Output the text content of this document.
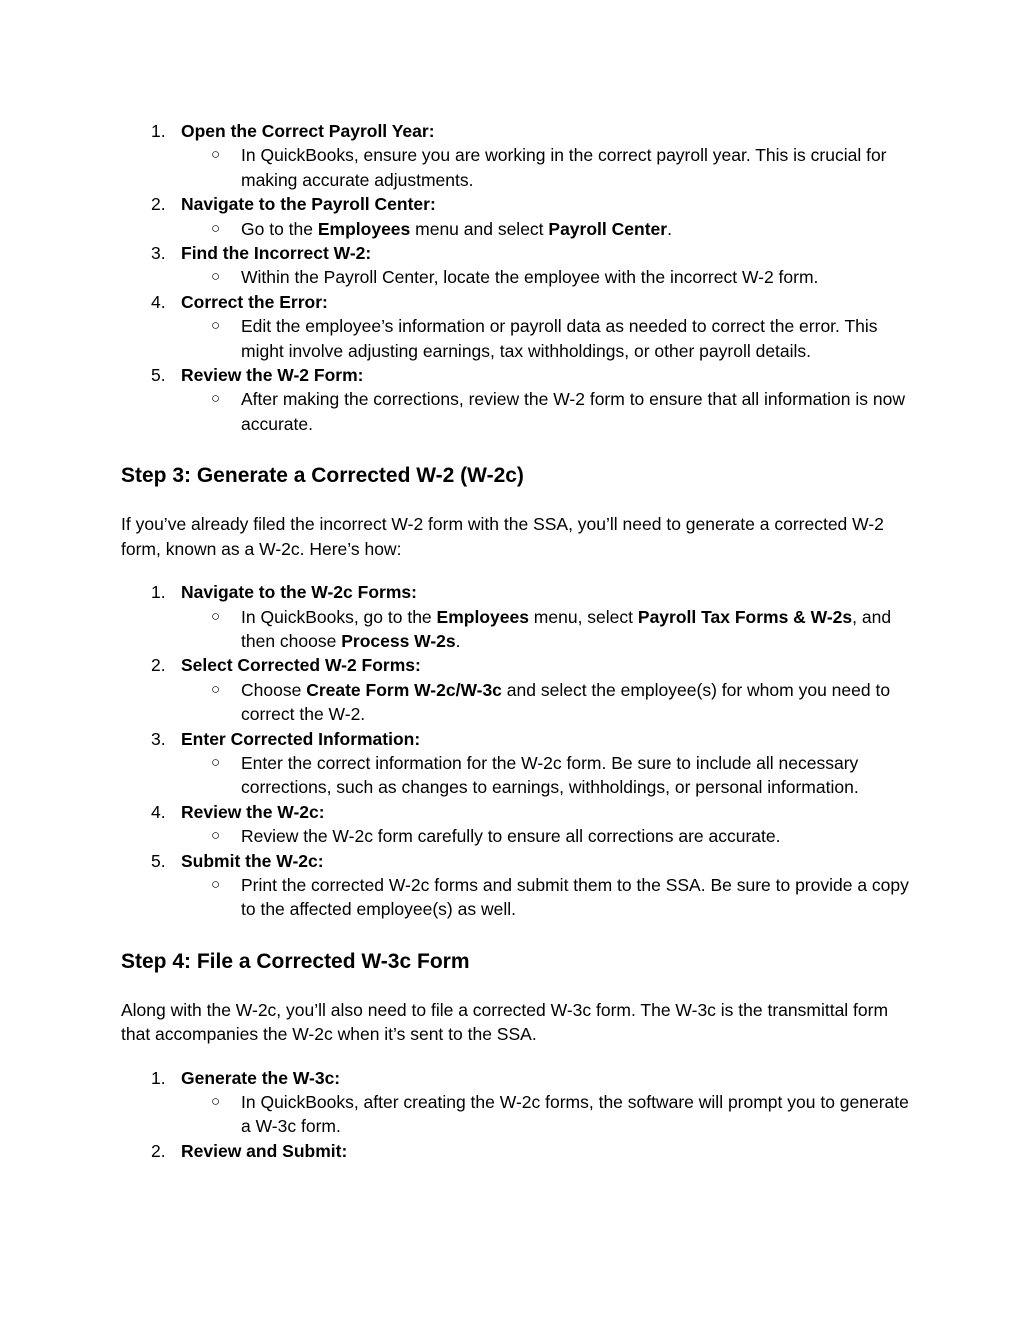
1. Open the Correct Payroll Year:
○ In QuickBooks, ensure you are working in the correct payroll year. This is crucial for making accurate adjustments.
2. Navigate to the Payroll Center:
○ Go to the Employees menu and select Payroll Center.
3. Find the Incorrect W-2:
○ Within the Payroll Center, locate the employee with the incorrect W-2 form.
4. Correct the Error:
○ Edit the employee’s information or payroll data as needed to correct the error. This might involve adjusting earnings, tax withholdings, or other payroll details.
5. Review the W-2 Form:
○ After making the corrections, review the W-2 form to ensure that all information is now accurate.
Step 3: Generate a Corrected W-2 (W-2c)

If you’ve already filed the incorrect W-2 form with the SSA, you’ll need to generate a corrected W-2 form, known as a W-2c. Here’s how:

1. Navigate to the W-2c Forms:
○ In QuickBooks, go to the Employees menu, select Payroll Tax Forms & W-2s, and then choose Process W-2s.
2. Select Corrected W-2 Forms:
○ Choose Create Form W-2c/W-3c and select the employee(s) for whom you need to correct the W-2.
3. Enter Corrected Information:
○ Enter the correct information for the W-2c form. Be sure to include all necessary corrections, such as changes to earnings, withholdings, or personal information.
4. Review the W-2c:
○ Review the W-2c form carefully to ensure all corrections are accurate.
5. Submit the W-2c:
○ Print the corrected W-2c forms and submit them to the SSA. Be sure to provide a copy to the affected employee(s) as well.
Step 4: File a Corrected W-3c Form

Along with the W-2c, you’ll also need to file a corrected W-3c form. The W-3c is the transmittal form that accompanies the W-2c when it’s sent to the SSA.

1. Generate the W-3c:
○ In QuickBooks, after creating the W-2c forms, the software will prompt you to generate a W-3c form.
2. Review and Submit:
